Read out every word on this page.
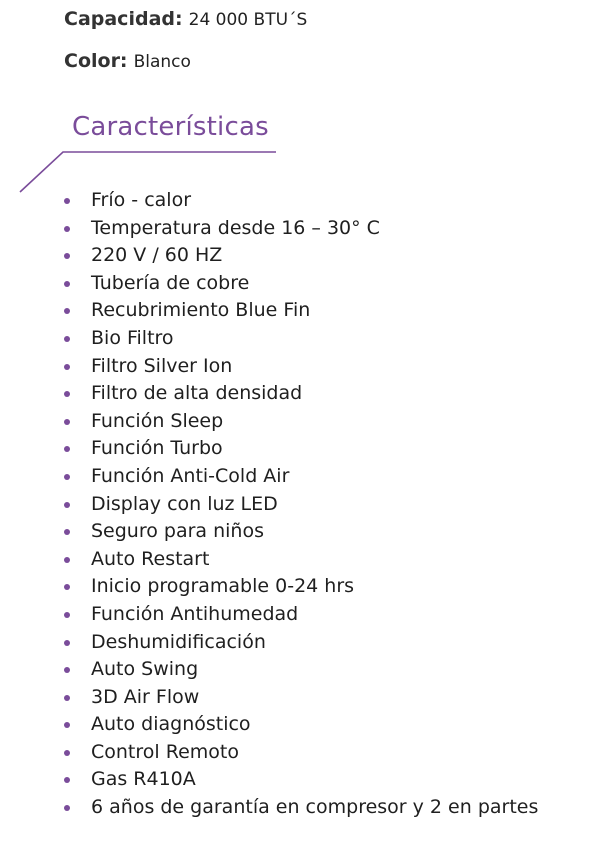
Capacidad: 24 000 BTU´S
Color: Blanco
Características
Frío - calor
Temperatura desde 16 – 30° C
220 V / 60 HZ
Tubería de cobre
Recubrimiento Blue Fin
Bio Filtro
Filtro Silver Ion
Filtro de alta densidad
Función Sleep
Función Turbo
Función Anti-Cold Air
Display con luz LED
Seguro para niños
Auto Restart
Inicio programable 0-24 hrs
Función Antihumedad
Deshumidificación
Auto Swing
3D Air Flow
Auto diagnóstico
Control Remoto
Gas R410A
6 años de garantía en compresor y 2 en partes
